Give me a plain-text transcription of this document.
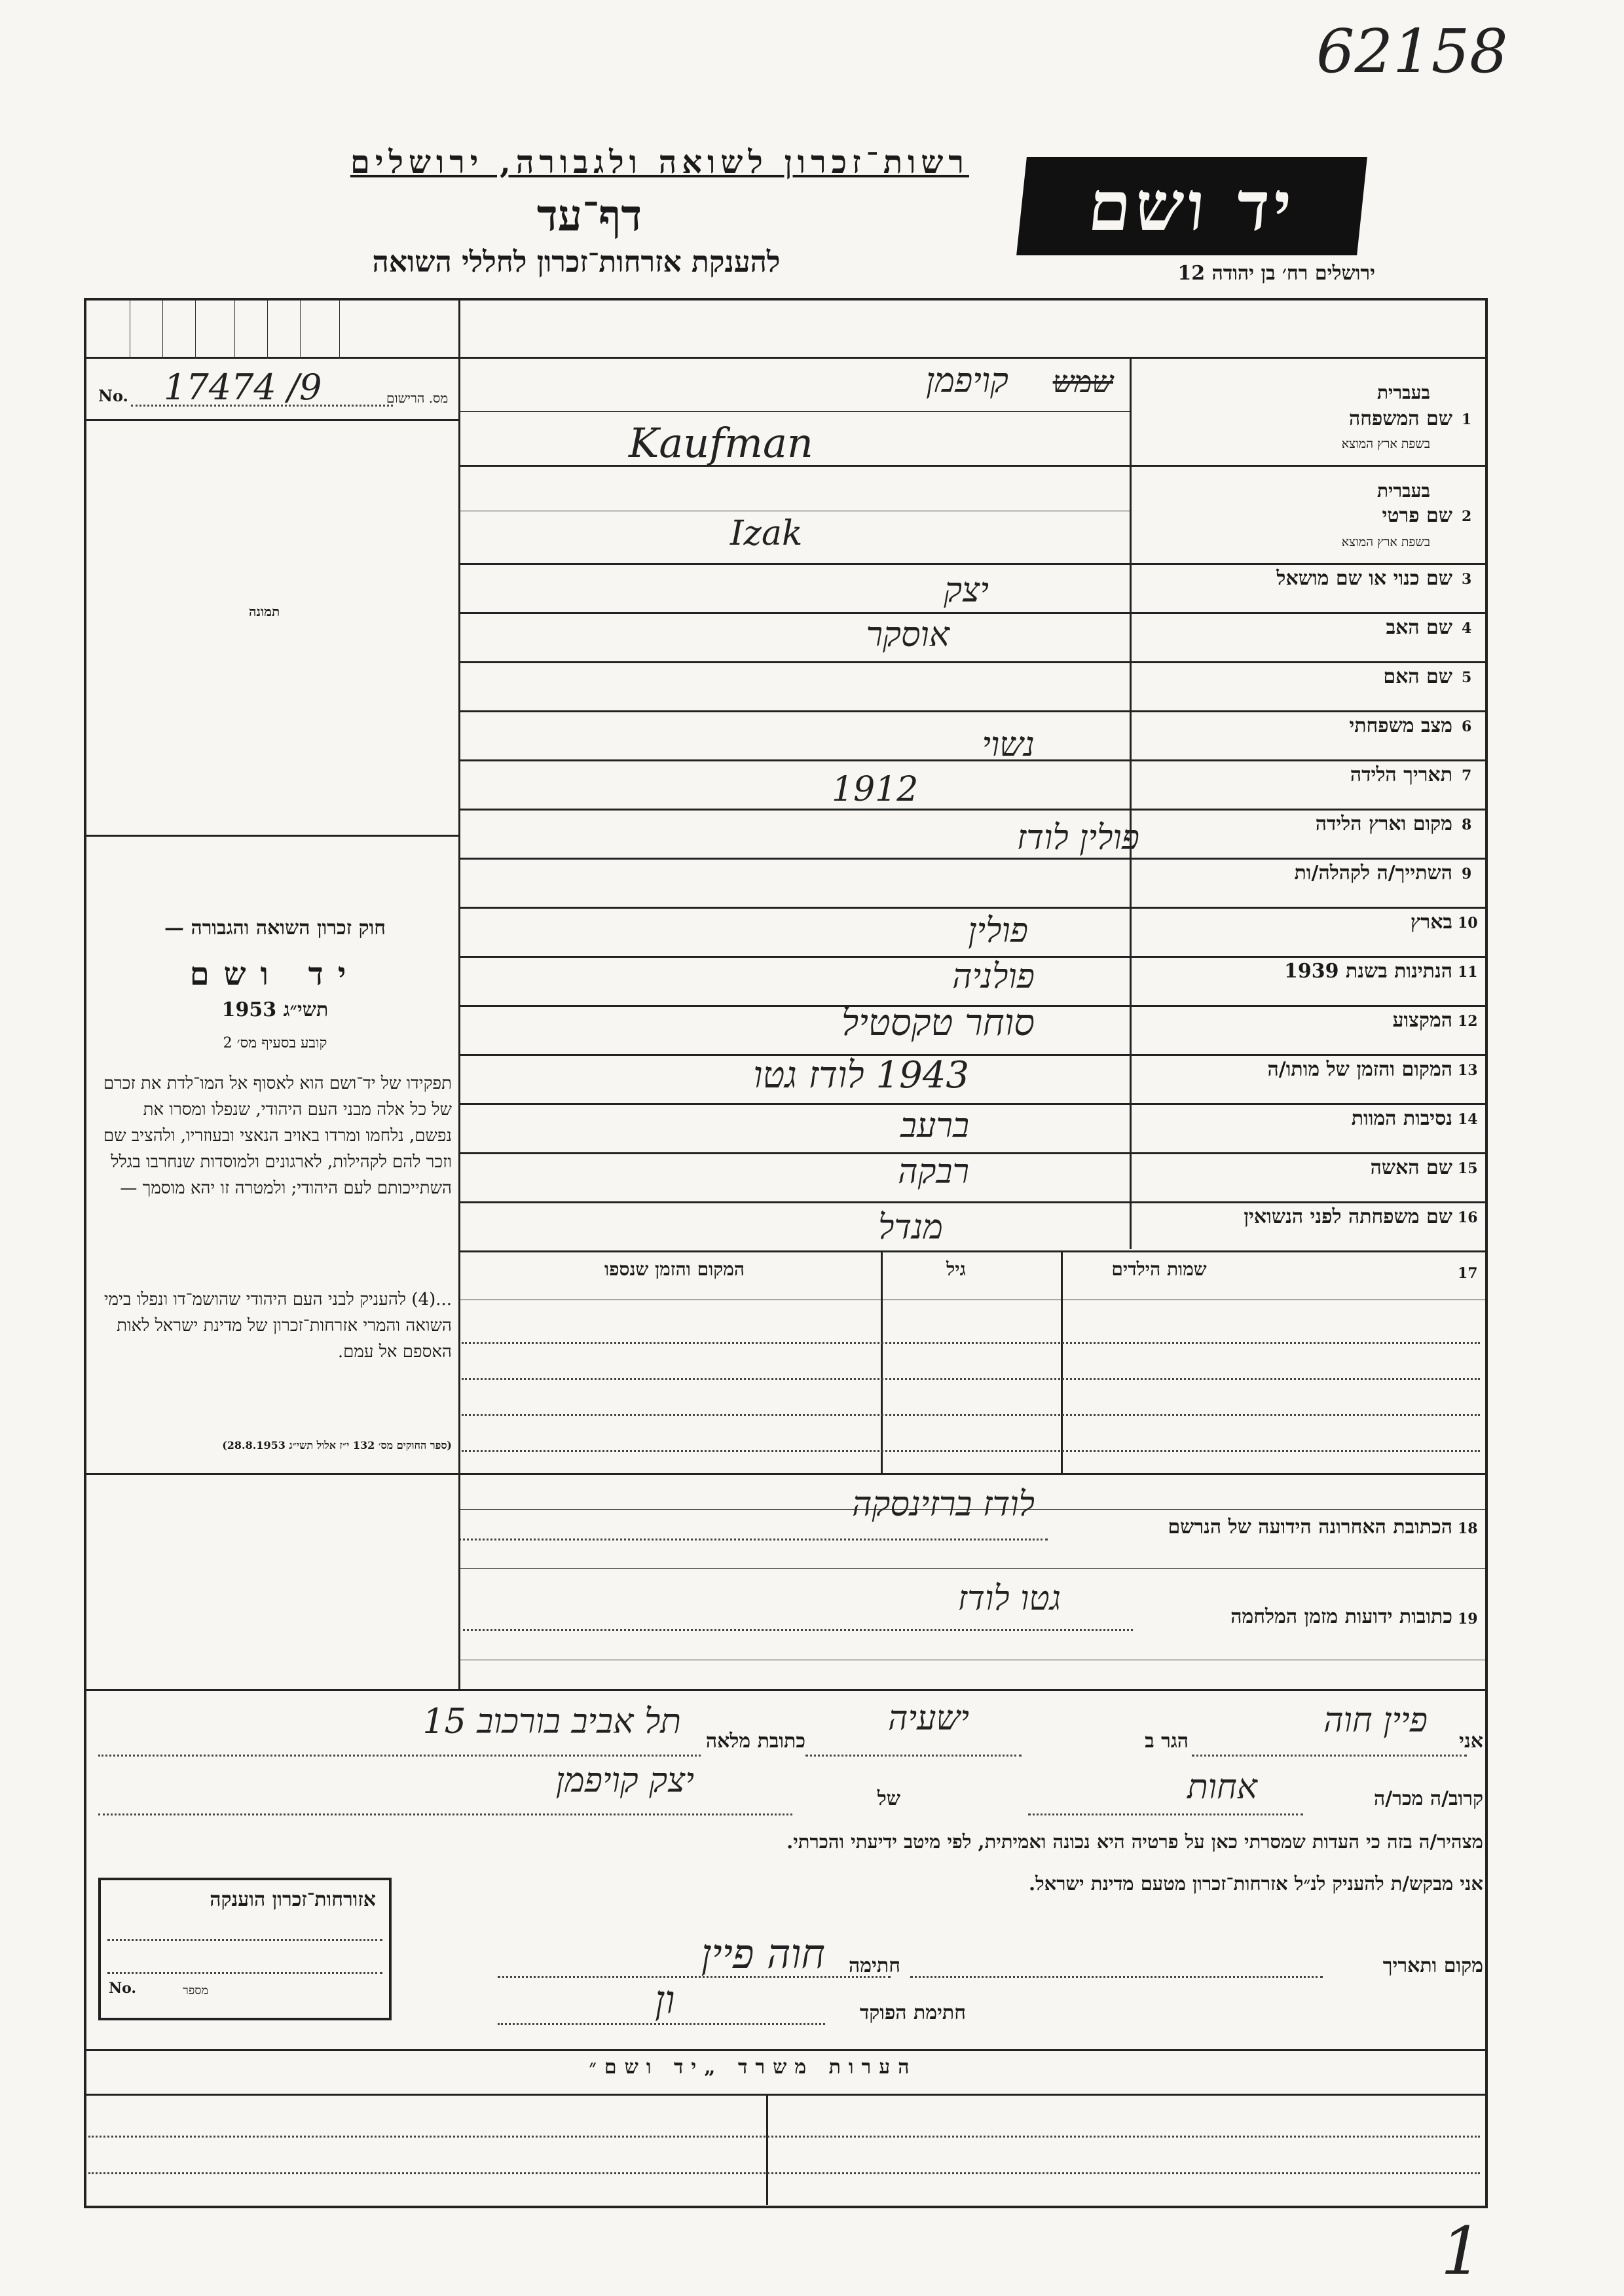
62158
רשות־זכרון לשואה ולגבורה, ירושלים
דף־עד
להענקת אזרחות־זכרון לחללי השואה
יד ושם
ירושלים רח׳ בן יהודה 12
No. 17474 /9	מס. הרישום
תמונה
1
שם המשפחה
בעברית
בשפת ארץ המוצא
קויפמן שמש
Kaufman
2
שם פרטי
בעברית
בשפת ארץ המוצא
Izak
3
שם כנוי או שם מושאל
יצק
4
שם האב
אוסקר
5
שם האם
6
מצב משפחתי
נשוי
7
תאריך הלידה
1912
8
מקום וארץ הלידה
פולין לודז
9
השתייך/ה לקהלה/ות
10
בארץ
פולין
11
הנתינות בשנת 1939
פולניה
12
המקצוע
סוחר טקסטיל
13
המקום והזמן של מותו/ה
1943 לודז גטו
14
נסיבות המוות
ברעב
15
שם האשה
רבקה
16
שם משפחתה לפני הנשואין
מנדל
17
שמות הילדים
גיל
המקום והזמן שנספו
חוק זכרון השואה והגבורה —
יד ושם
תשי״ג 1953
קובע בסעיף מס׳ 2
תפקידו של יד־ושם הוא לאסוף אל המו־לדת את זכרם של כל אלה מבני העם היהודי, שנפלו ומסרו את נפשם, נלחמו ומרדו באויב הנאצי ובעוזריו, ולהציב שם וזכר להם לקהילות, לארגונים ולמוסדות שנחרבו בגלל השתייכותם לעם היהודי; ולמטרה זו יהא מוסמך —
...(4) להעניק לבני העם היהודי שהושמ־דו ונפלו בימי השואה והמרי אזרחות־זכרון של מדינת ישראל לאות האספם אל עמם.
(ספר החוקים מס׳ 132 י״ז אלול תשי״ג 28.8.1953)
18
הכתובת האחרונה הידועה של הנרשם
לודז ברזינסקה
19
כתובות ידועות מזמן המלחמה
גטו לודז
אני
פיין חוה
הגר ב
ישעיה
כתובת מלאה
תל אביב בורכוב 15
קרוב/ה מכר/ה
אחות
של
יצק קויפמן
מצהיר/ה בזה כי העדות שמסרתי כאן על פרטיה היא נכונה ואמיתית, לפי מיטב ידיעתי והכרתי.
אני מבקש/ת להעניק לנ״ל אזרחות־זכרון מטעם מדינת ישראל.
מקום ותאריך
חתימה
חוה פיין
חתימת הפוקד
ון
אזורחות־זכרון הוענקה
No.	מספר
הערות משרד „יד ושם״
1
